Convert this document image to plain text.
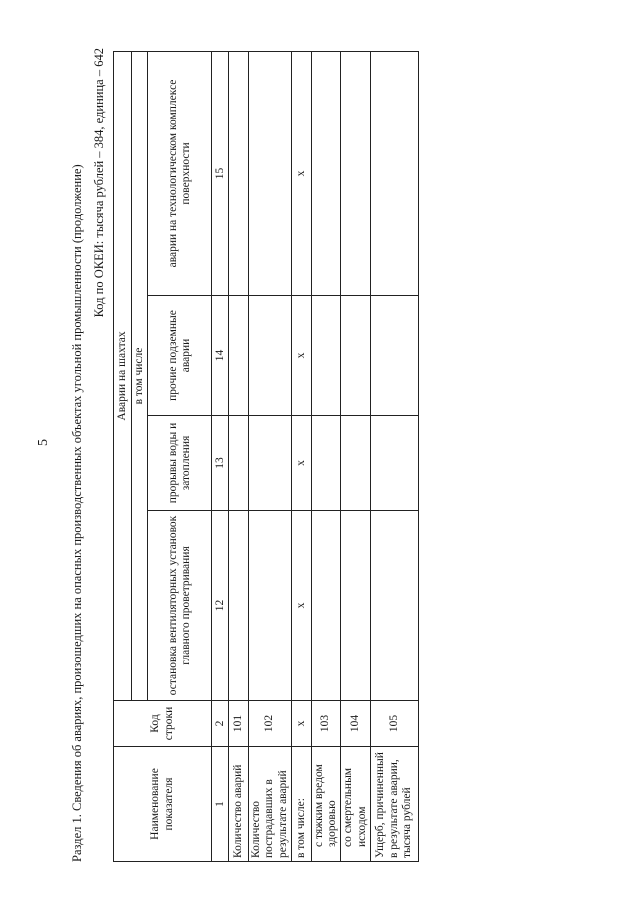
5 Раздел 1. Сведения об авариях, произошедших на опасных производственных объектах угольной промышленности (продолжение) Код по ОКЕИ: тысяча рублей – 384, единица – 642
Наименование показателя	Код строки	Аварии на шахтах			
		в том числе			
		остановка вентиляторных установок главного проветривания	прорывы воды и затопления	прочие подземные аварии	аварии на технологическом комплексе поверхности
1	2	12	13	14	15
Количество аварий	101				
Количество пострадавших в результате аварий	102				
в том числе:	x	x	x	x	x
с тяжким вредом здоровью	103				
со смертельным исходом	104				
Ущерб, причиненный в результате аварии, тысяча рублей	105				
